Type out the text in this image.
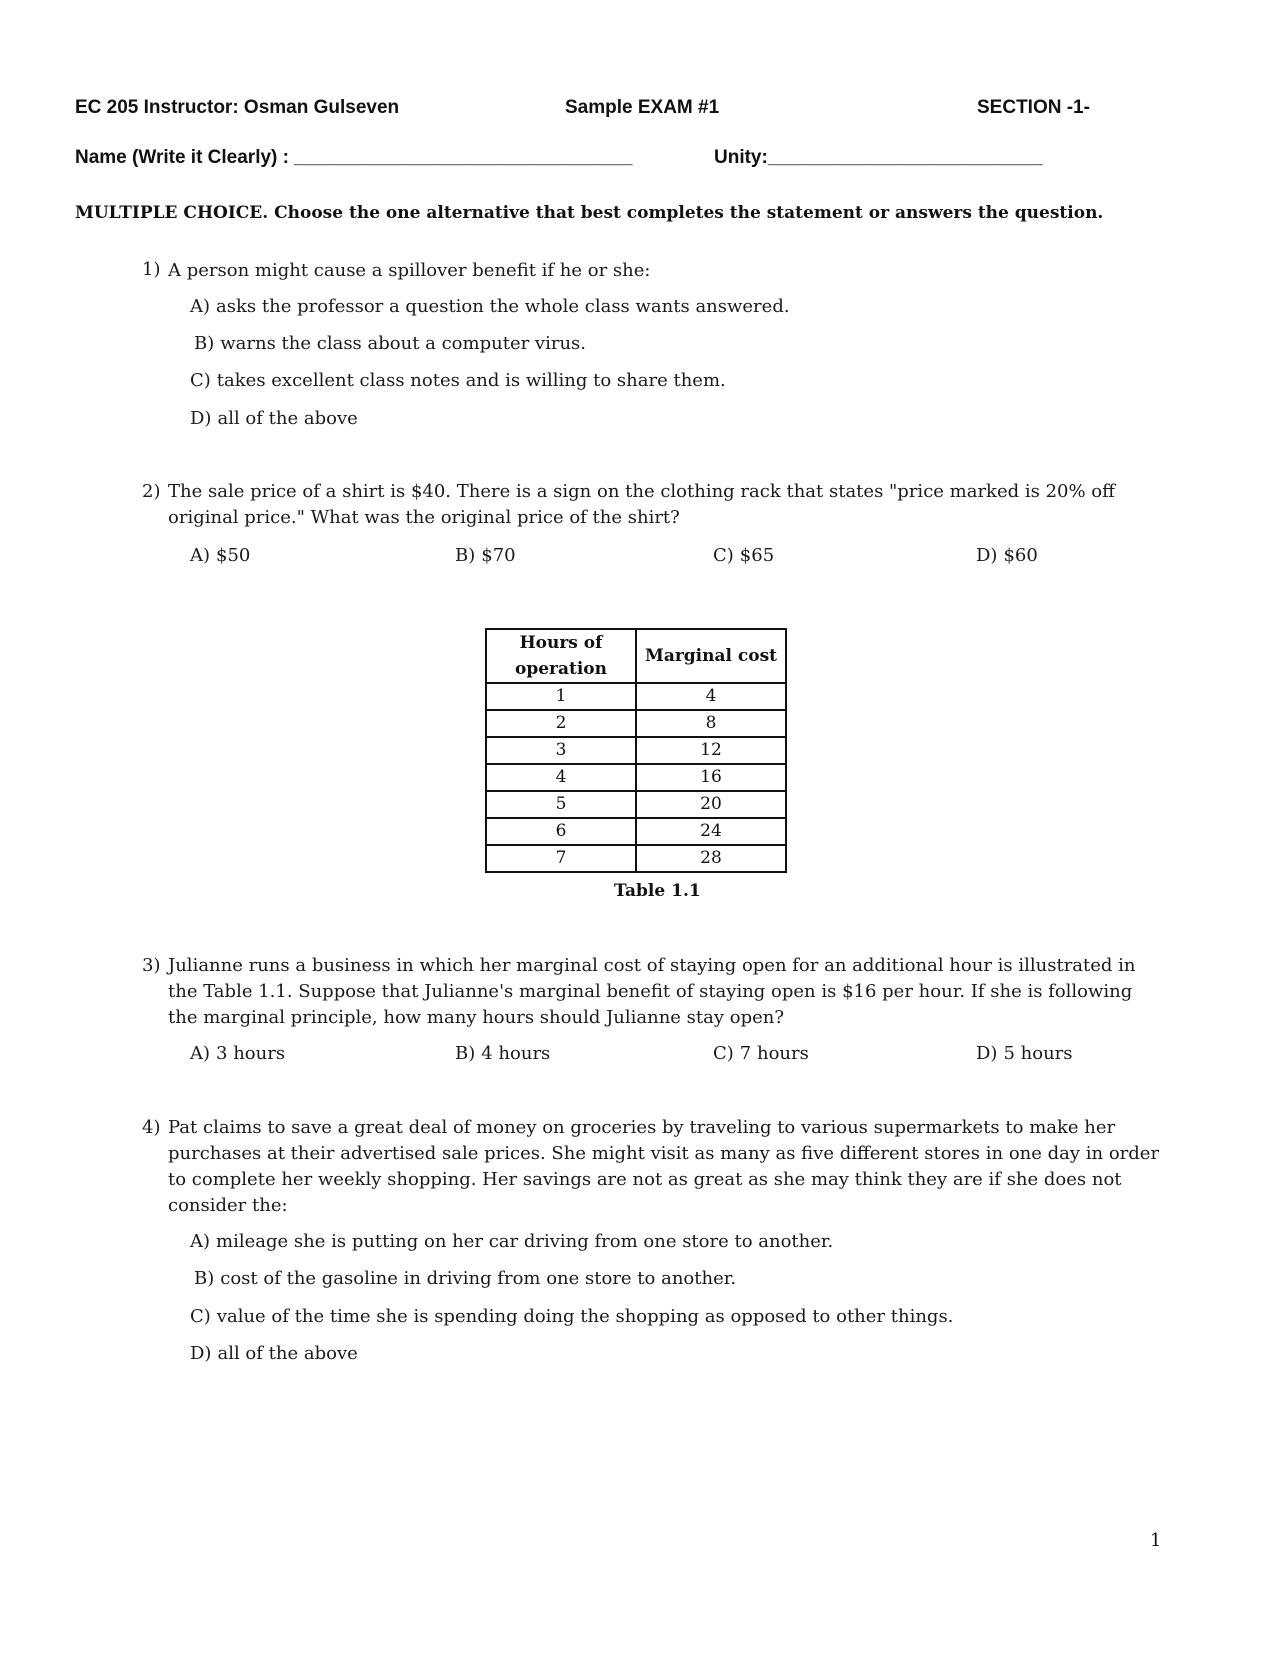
EC 205 Instructor: Osman Gulseven	Sample EXAM #1	SECTION -1-
Name (Write it Clearly) : ________________________________	Unity:__________________________
MULTIPLE CHOICE. Choose the one alternative that best completes the statement or answers the question.
1) A person might cause a spillover benefit if he or she:
A) asks the professor a question the whole class wants answered.
B) warns the class about a computer virus.
C) takes excellent class notes and is willing to share them.
D) all of the above
2) The sale price of a shirt is $40. There is a sign on the clothing rack that states "price marked is 20% off original price." What was the original price of the shirt?
A) $50	B) $70	C) $65	D) $60
Hours of operation	Marginal cost
1	4
2	8
3	12
4	16
5	20
6	24
7	28
Table 1.1
3) Julianne runs a business in which her marginal cost of staying open for an additional hour is illustrated in the Table 1.1. Suppose that Julianne's marginal benefit of staying open is $16 per hour. If she is following the marginal principle, how many hours should Julianne stay open?
A) 3 hours	B) 4 hours	C) 7 hours	D) 5 hours
4) Pat claims to save a great deal of money on groceries by traveling to various supermarkets to make her purchases at their advertised sale prices. She might visit as many as five different stores in one day in order to complete her weekly shopping. Her savings are not as great as she may think they are if she does not consider the:
A) mileage she is putting on her car driving from one store to another.
B) cost of the gasoline in driving from one store to another.
C) value of the time she is spending doing the shopping as opposed to other things.
D) all of the above
1
